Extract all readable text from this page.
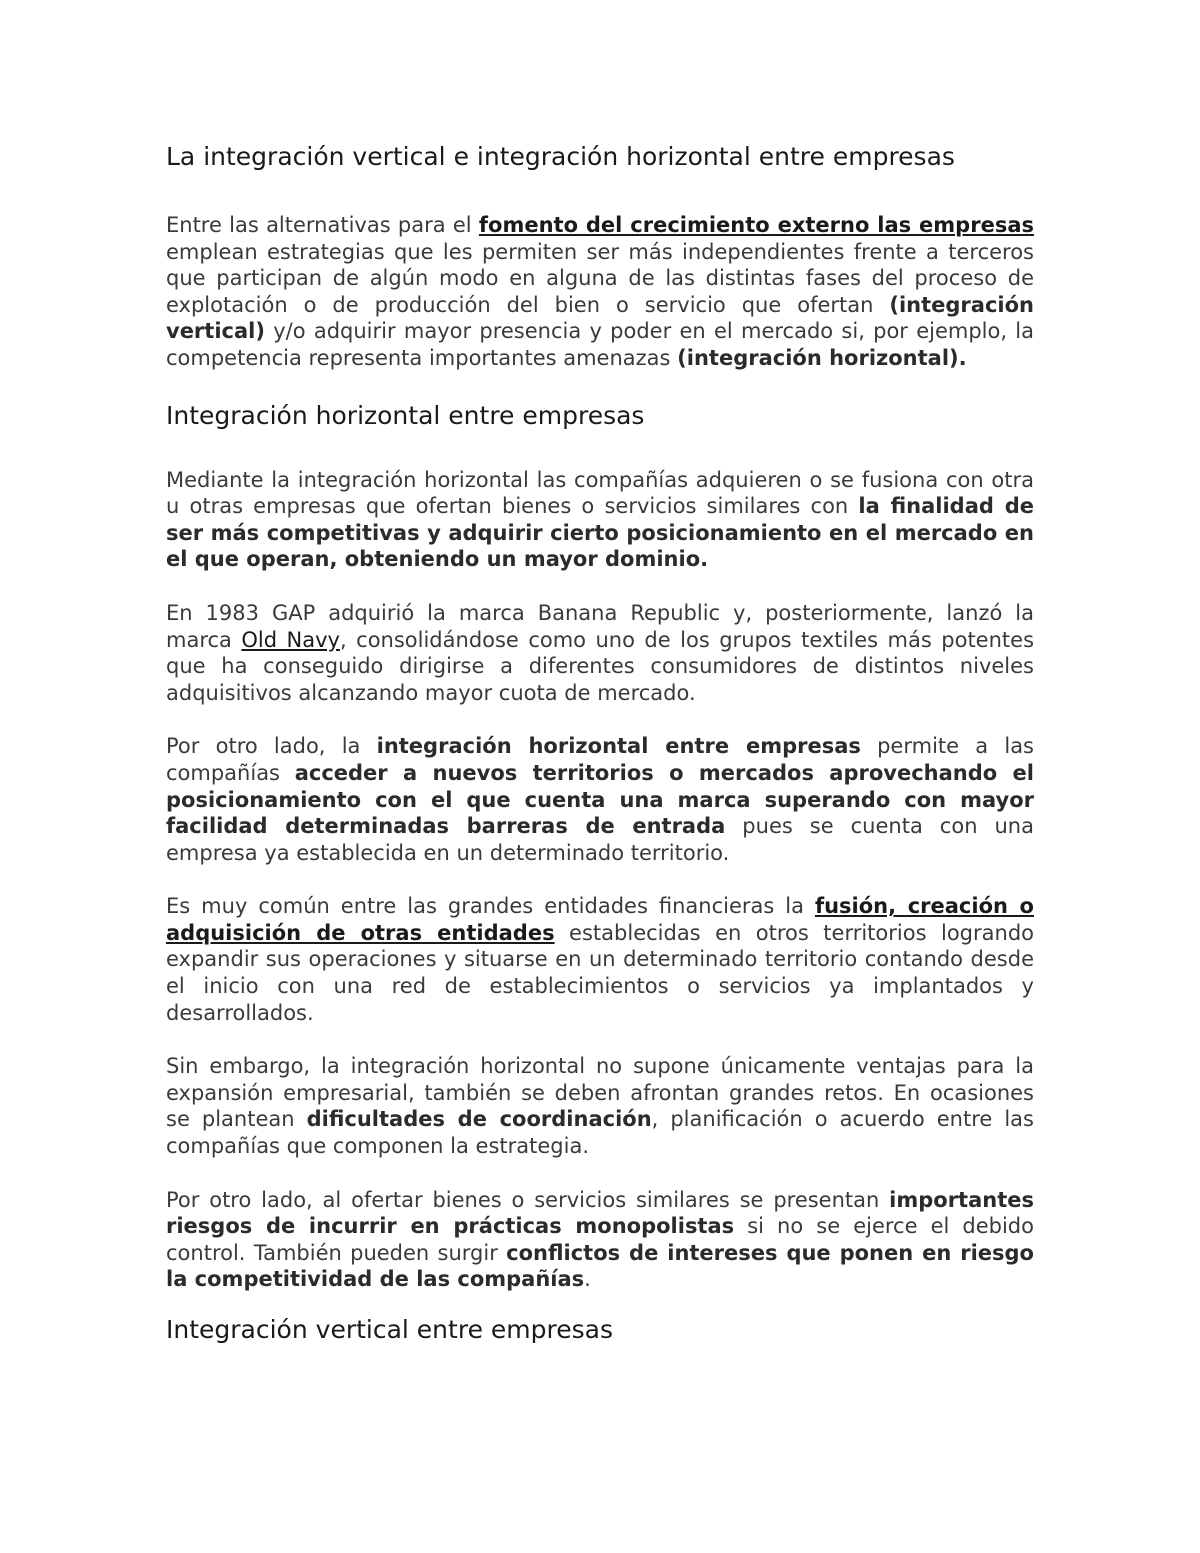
La integración vertical e integración horizontal entre empresas

Entre las alternativas para el fomento del crecimiento externo las empresas emplean estrategias que les permiten ser más independientes frente a terceros que participan de algún modo en alguna de las distintas fases del proceso de explotación o de producción del bien o servicio que ofertan (integración vertical) y/o adquirir mayor presencia y poder en el mercado si, por ejemplo, la competencia representa importantes amenazas (integración horizontal).

Integración horizontal entre empresas

Mediante la integración horizontal las compañías adquieren o se fusiona con otra u otras empresas que ofertan bienes o servicios similares con la finalidad de ser más competitivas y adquirir cierto posicionamiento en el mercado en el que operan, obteniendo un mayor dominio.

En 1983 GAP adquirió la marca Banana Republic y, posteriormente, lanzó la marca Old Navy, consolidándose como uno de los grupos textiles más potentes que ha conseguido dirigirse a diferentes consumidores de distintos niveles adquisitivos alcanzando mayor cuota de mercado.

Por otro lado, la integración horizontal entre empresas permite a las compañías acceder a nuevos territorios o mercados aprovechando el posicionamiento con el que cuenta una marca superando con mayor facilidad determinadas barreras de entrada pues se cuenta con una empresa ya establecida en un determinado territorio.

Es muy común entre las grandes entidades financieras la fusión, creación o adquisición de otras entidades establecidas en otros territorios logrando expandir sus operaciones y situarse en un determinado territorio contando desde el inicio con una red de establecimientos o servicios ya implantados y desarrollados.

Sin embargo, la integración horizontal no supone únicamente ventajas para la expansión empresarial, también se deben afrontan grandes retos. En ocasiones se plantean dificultades de coordinación, planificación o acuerdo entre las compañías que componen la estrategia.

Por otro lado, al ofertar bienes o servicios similares se presentan importantes riesgos de incurrir en prácticas monopolistas si no se ejerce el debido control. También pueden surgir conflictos de intereses que ponen en riesgo la competitividad de las compañías.

Integración vertical entre empresas
